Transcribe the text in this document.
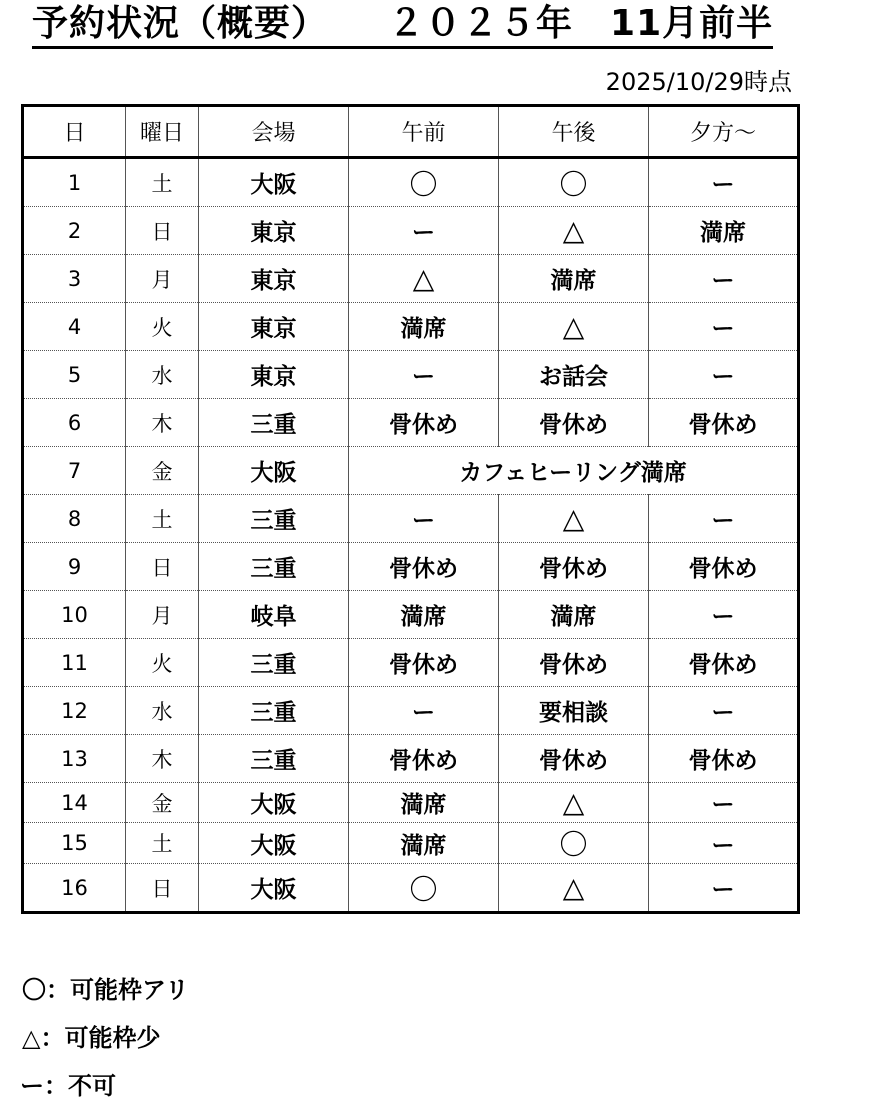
予約状況（概要） ２０２５年　11月前半
2025/10/29時点
日	曜日	会場	午前	午後	夕方～
1	土	大阪	〇	〇	ー
2	日	東京	ー	△	満席
3	月	東京	△	満席	ー
4	火	東京	満席	△	ー
5	水	東京	ー	お話会	ー
6	木	三重	骨休め	骨休め	骨休め
7	金	大阪	カフェヒーリング満席		
8	土	三重	ー	△	ー
9	日	三重	骨休め	骨休め	骨休め
10	月	岐阜	満席	満席	ー
11	火	三重	骨休め	骨休め	骨休め
12	水	三重	ー	要相談	ー
13	木	三重	骨休め	骨休め	骨休め
14	金	大阪	満席	△	ー
15	土	大阪	満席	〇	ー
16	日	大阪	〇	△	ー
〇：可能枠アリ
△：可能枠少
ー：不可
